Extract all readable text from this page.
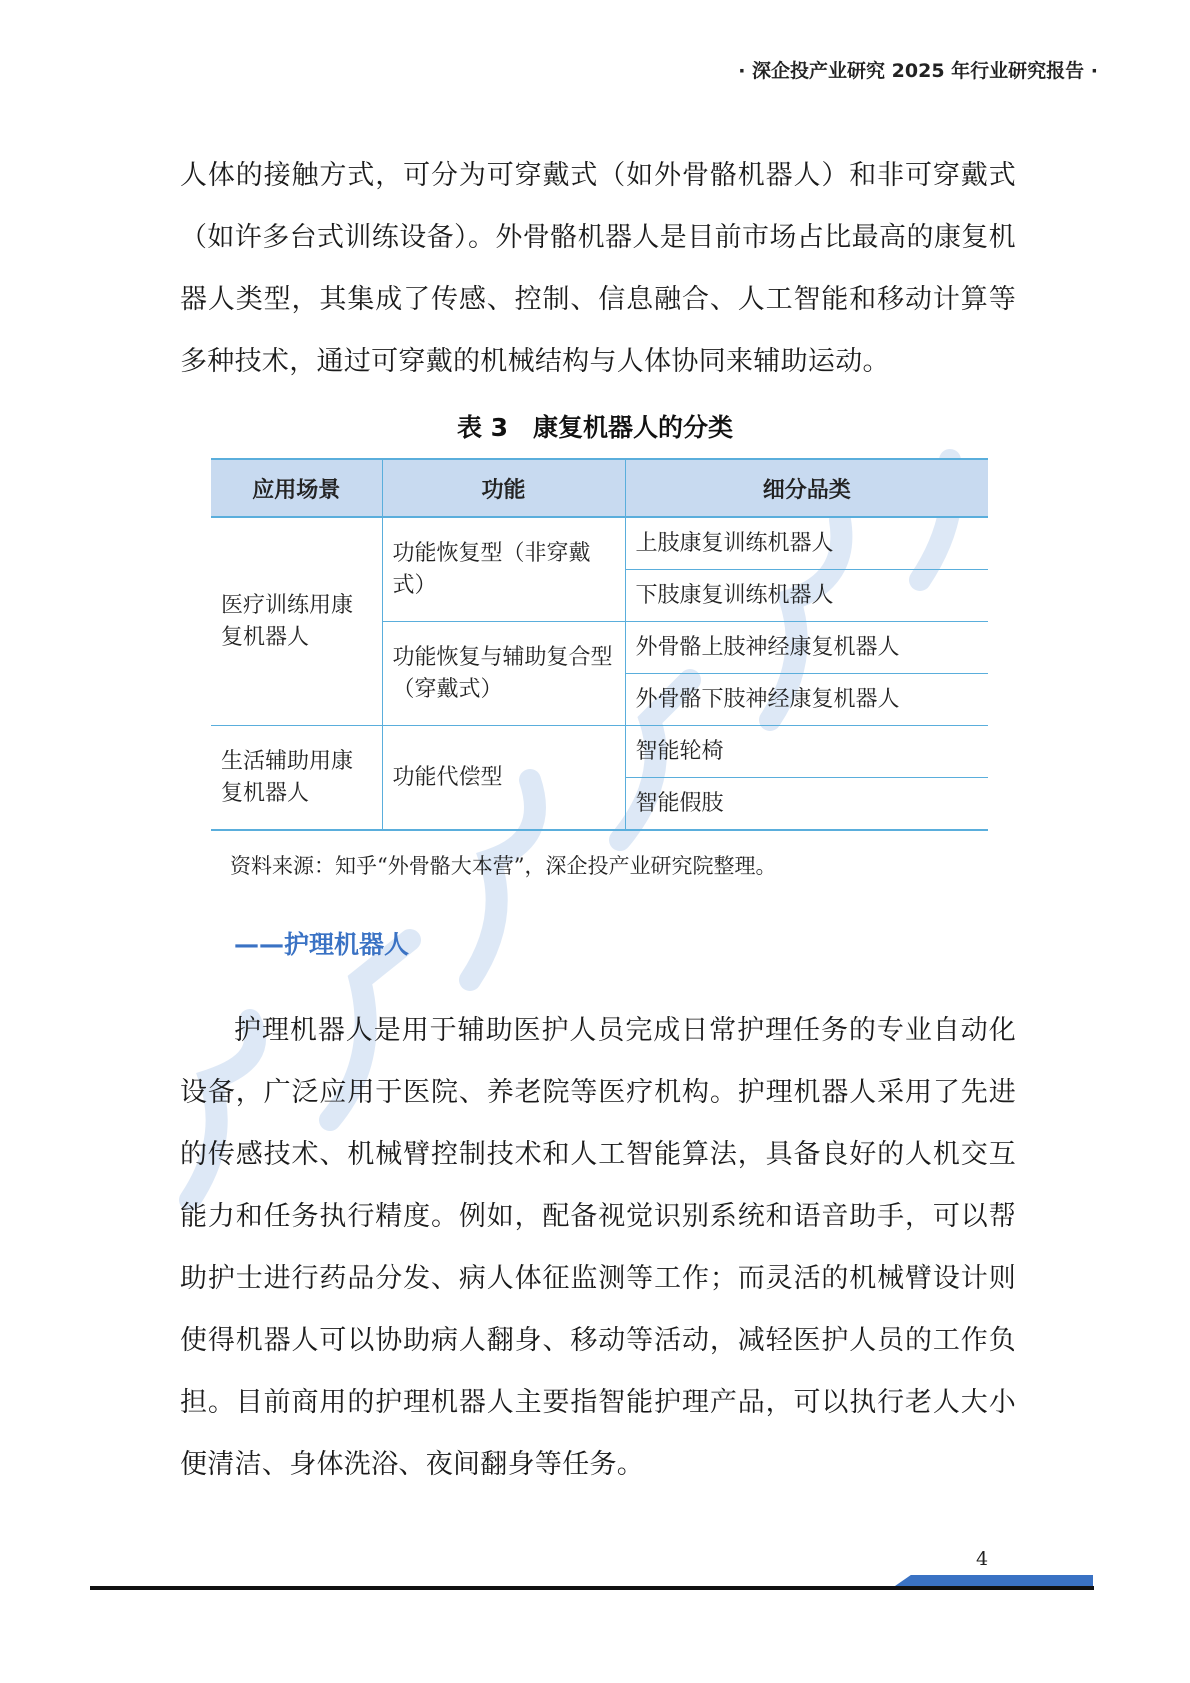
· 深企投产业研究 2025 年行业研究报告 ·
人体的接触方式，可分为可穿戴式（如外骨骼机器人）和非可穿戴式（如许多台式训练设备）。外骨骼机器人是目前市场占比最高的康复机器人类型，其集成了传感、控制、信息融合、人工智能和移动计算等多种技术，通过可穿戴的机械结构与人体协同来辅助运动。
表 3　康复机器人的分类
应用场景	功能	细分品类
医疗训练用康复机器人	功能恢复型（非穿戴式）	上肢康复训练机器人
		下肢康复训练机器人
	功能恢复与辅助复合型（穿戴式）	外骨骼上肢神经康复机器人
		外骨骼下肢神经康复机器人
生活辅助用康复机器人	功能代偿型	智能轮椅
		智能假肢
资料来源：知乎“外骨骼大本营”，深企投产业研究院整理。
——护理机器人
护理机器人是用于辅助医护人员完成日常护理任务的专业自动化设备，广泛应用于医院、养老院等医疗机构。护理机器人采用了先进的传感技术、机械臂控制技术和人工智能算法，具备良好的人机交互能力和任务执行精度。例如，配备视觉识别系统和语音助手，可以帮助护士进行药品分发、病人体征监测等工作；而灵活的机械臂设计则使得机器人可以协助病人翻身、移动等活动，减轻医护人员的工作负担。目前商用的护理机器人主要指智能护理产品，可以执行老人大小便清洁、身体洗浴、夜间翻身等任务。
4
